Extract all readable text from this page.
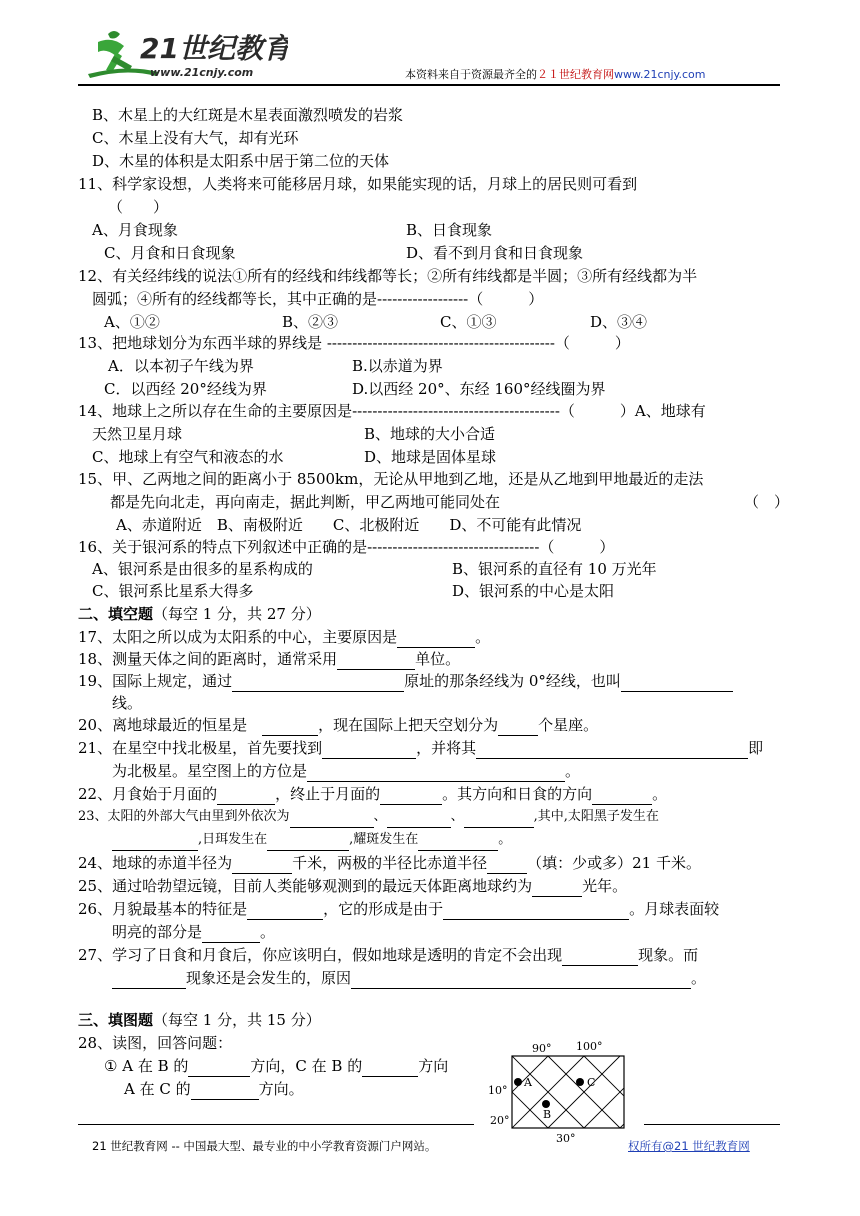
21世纪教育
www.21cnjy.com	本资料来自于资源最齐全的２１世纪教育网www.21cnjy.com
B、木星上的大红斑是木星表面激烈喷发的岩浆
C、木星上没有大气，却有光环
D、木星的体积是太阳系中居于第二位的天体
11、科学家设想，人类将来可能移居月球，如果能实现的话，月球上的居民则可看到
（　　）
A、月食现象	B、日食现象
C、月食和日食现象	D、看不到月食和日食现象
12、有关经纬线的说法①所有的经线和纬线都等长；②所有纬线都是半圆；③所有经线都为半
圆弧；④所有的经线都等长，其中正确的是------------------（　　　）
A、①②	B、②③	C、①③	D、③④
13、把地球划分为东西半球的界线是 ---------------------------------------------（　　　）
A．以本初子午线为界	B.以赤道为界
C．以西经 20°经线为界	D.以西经 20°、东经 160°经线圈为界
14、地球上之所以存在生命的主要原因是-----------------------------------------（　　　）A、地球有
天然卫星月球	B、地球的大小合适
C、地球上有空气和液态的水	D、地球是固体星球
15、甲、乙两地之间的距离小于 8500km，无论从甲地到乙地，还是从乙地到甲地最近的走法
都是先向北走，再向南走，据此判断，甲乙两地可能同处在	（　）
A、赤道附近　B、南极附近　　C、北极附近　　D、不可能有此情况
16、关于银河系的特点下列叙述中正确的是----------------------------------（　　　）
A、银河系是由很多的星系构成的	B、银河系的直径有 10 万光年
C、银河系比星系大得多	D、银河系的中心是太阳
二、填空题（每空 1 分，共 27 分）
17、太阳之所以成为太阳系的中心，主要原因是	。
18、测量天体之间的距离时，通常采用	单位。
19、国际上规定，通过	原址的那条经线为 0°经线，也叫
线。
20、离地球最近的恒星是　	，现在国际上把天空划分为	个星座。
21、在星空中找北极星，首先要找到	，并将其	即
为北极星。星空图上的方位是	。
22、月食始于月面的	，终止于月面的	。其方向和日食的方向	。
23、太阳的外部大气由里到外依次为	、	、	,其中,太阳黑子发生在
,日珥发生在	,耀斑发生在	。
24、地球的赤道半径为	千米，两极的半径比赤道半径	（填：少或多）21 千米。
25、通过哈勃望远镜，目前人类能够观测到的最远天体距离地球约为	光年。
26、月貌最基本的特征是	，它的形成是由于	。月球表面较
明亮的部分是	。
27、学习了日食和月食后，你应该明白，假如地球是透明的肯定不会出现	现象。而
现象还是会发生的，原因	。
三、填图题（每空 1 分，共 15 分）
28、读图，回答问题：
① A 在 B 的	方向，C 在 B 的	方向
A 在 C 的	方向。
90° 100°
10°
20°
30°
A
B
C
21 世纪教育网 -- 中国最大型、最专业的中小学教育资源门户网站。	权所有@21 世纪教育网
